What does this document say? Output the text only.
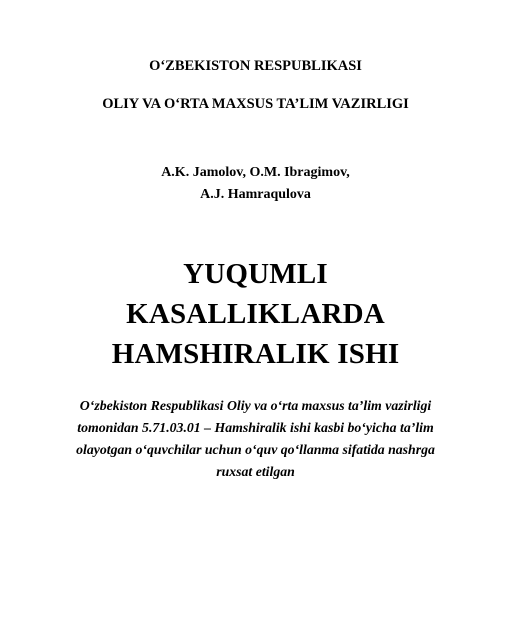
O‘ZBEKISTON RESPUBLIKASI

OLIY VA O‘RTA MAXSUS TA’LIM VAZIRLIGI

A.K. Jamolov, O.M. Ibragimov,

A.J. Hamraqulova

YUQUMLI
KASALLIKLARDA
HAMSHIRALIK ISHI

O‘zbekiston Respublikasi Oliy va o‘rta maxsus ta’lim vazirligi

tomonidan 5.71.03.01 – Hamshiralik ishi kasbi bo‘yicha ta’lim

olayotgan o‘quvchilar uchun o‘quv qo‘llanma sifatida nashrga

ruxsat etilgan
